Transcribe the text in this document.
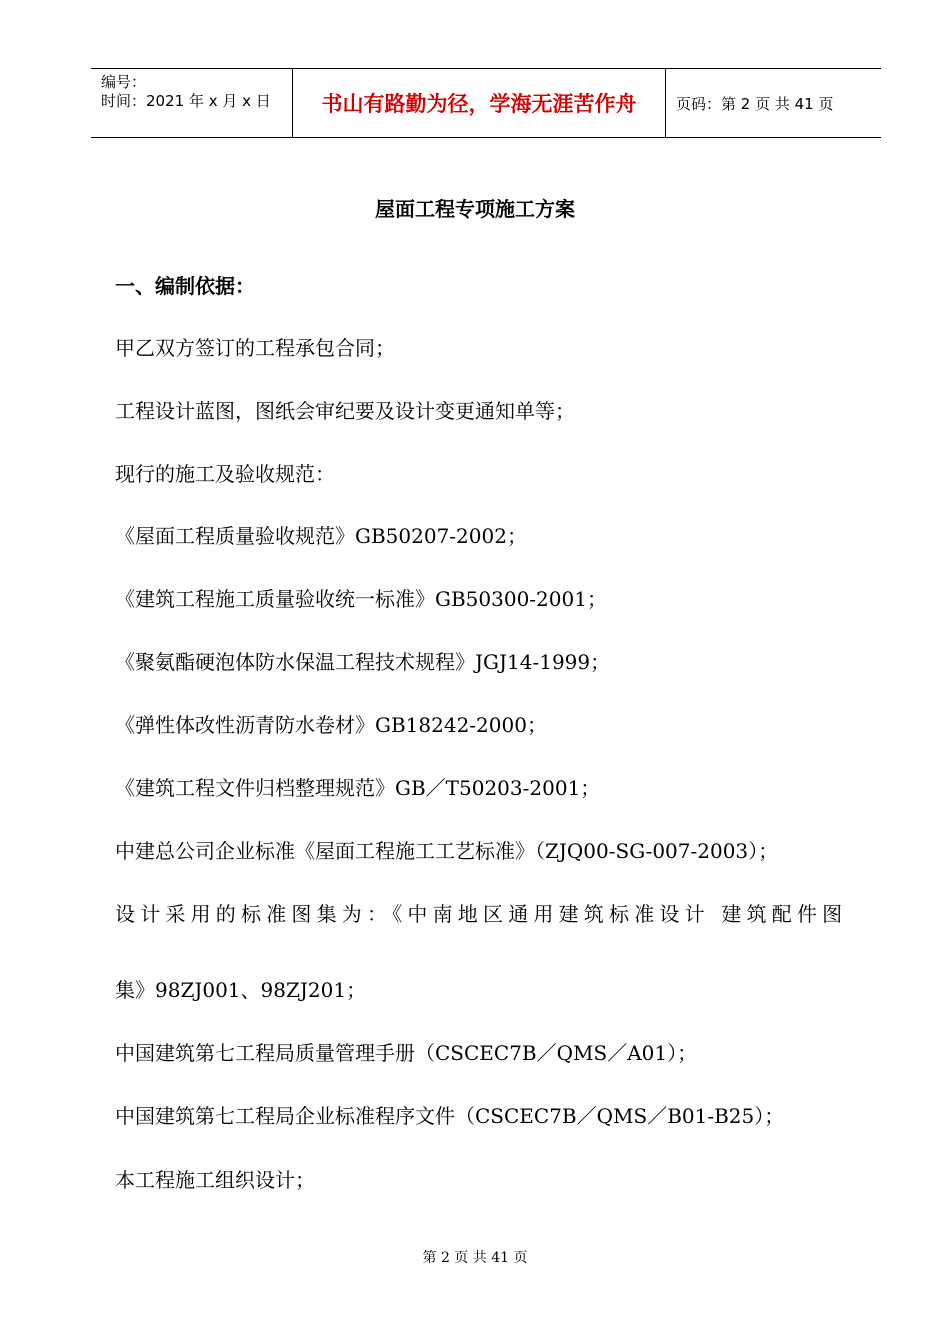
编号：
时间：2021 年 x 月 x 日	书山有路勤为径，学海无涯苦作舟	页码：第 2 页 共 41 页
屋面工程专项施工方案
一、编制依据：
甲乙双方签订的工程承包合同；
工程设计蓝图，图纸会审纪要及设计变更通知单等；
现行的施工及验收规范：
《屋面工程质量验收规范》GB50207-2002；
《建筑工程施工质量验收统一标准》GB50300-2001；
《聚氨酯硬泡体防水保温工程技术规程》JGJ14-1999；
《弹性体改性沥青防水卷材》GB18242-2000；
《建筑工程文件归档整理规范》GB／T50203-2001；
中建总公司企业标准《屋面工程施工工艺标准》（ZJQ00-SG-007-2003）；
设计采用的标准图集为：《中南地区通用建筑标准设计 建筑配件图
集》98ZJ001、98ZJ201；
中国建筑第七工程局质量管理手册（CSCEC7B／QMS／A01）；
中国建筑第七工程局企业标准程序文件（CSCEC7B／QMS／B01-B25）；
本工程施工组织设计；
第 2 页 共 41 页
